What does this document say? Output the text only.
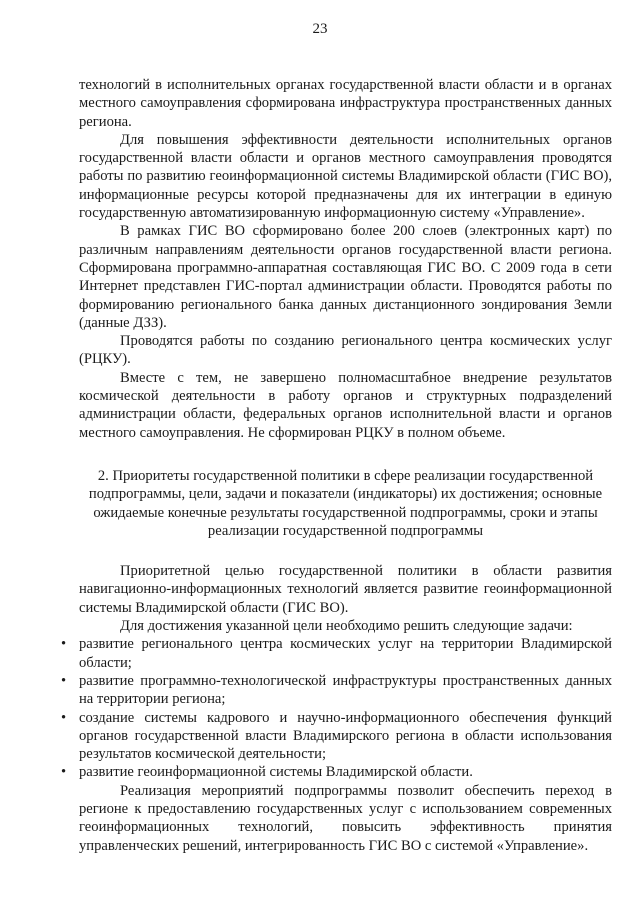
23

технологий в исполнительных органах государственной власти области и в органах местного самоуправления сформирована инфраструктура пространственных данных региона.

Для повышения эффективности деятельности исполнительных органов государственной власти области и органов местного самоуправления проводятся работы по развитию геоинформационной системы Владимирской области (ГИС ВО), информационные ресурсы которой предназначены для их интеграции в единую государственную автоматизированную информационную систему «Управление».

В рамках ГИС ВО сформировано более 200 слоев (электронных карт) по различным направлениям деятельности органов государственной власти региона. Сформирована программно-аппаратная составляющая ГИС ВО. С 2009 года в сети Интернет представлен ГИС-портал администрации области. Проводятся работы по формированию регионального банка данных дистанционного зондирования Земли (данные ДЗЗ).

Проводятся работы по созданию регионального центра космических услуг (РЦКУ).

Вместе с тем, не завершено полномасштабное внедрение результатов космической деятельности в работу органов и структурных подразделений администрации области, федеральных органов исполнительной власти и органов местного самоуправления. Не сформирован РЦКУ в полном объеме.

2. Приоритеты государственной политики в сфере реализации государственной подпрограммы, цели, задачи и показатели (индикаторы) их достижения; основные ожидаемые конечные результаты государственной подпрограммы, сроки и этапы реализации государственной подпрограммы

Приоритетной целью государственной политики в области развития навигационно-информационных технологий является развитие геоинформационной системы Владимирской области (ГИС ВО).

Для достижения указанной цели необходимо решить следующие задачи:

• развитие регионального центра космических услуг на территории Владимирской области;
• развитие программно-технологической инфраструктуры пространственных данных на территории региона;
• создание системы кадрового и научно-информационного обеспечения функций органов государственной власти Владимирского региона в области использования результатов космической деятельности;
• развитие геоинформационной системы Владимирской области.

Реализация мероприятий подпрограммы позволит обеспечить переход в регионе к предоставлению государственных услуг с использованием современных геоинформационных технологий, повысить эффективность принятия управленческих решений, интегрированность ГИС ВО с системой «Управление».
